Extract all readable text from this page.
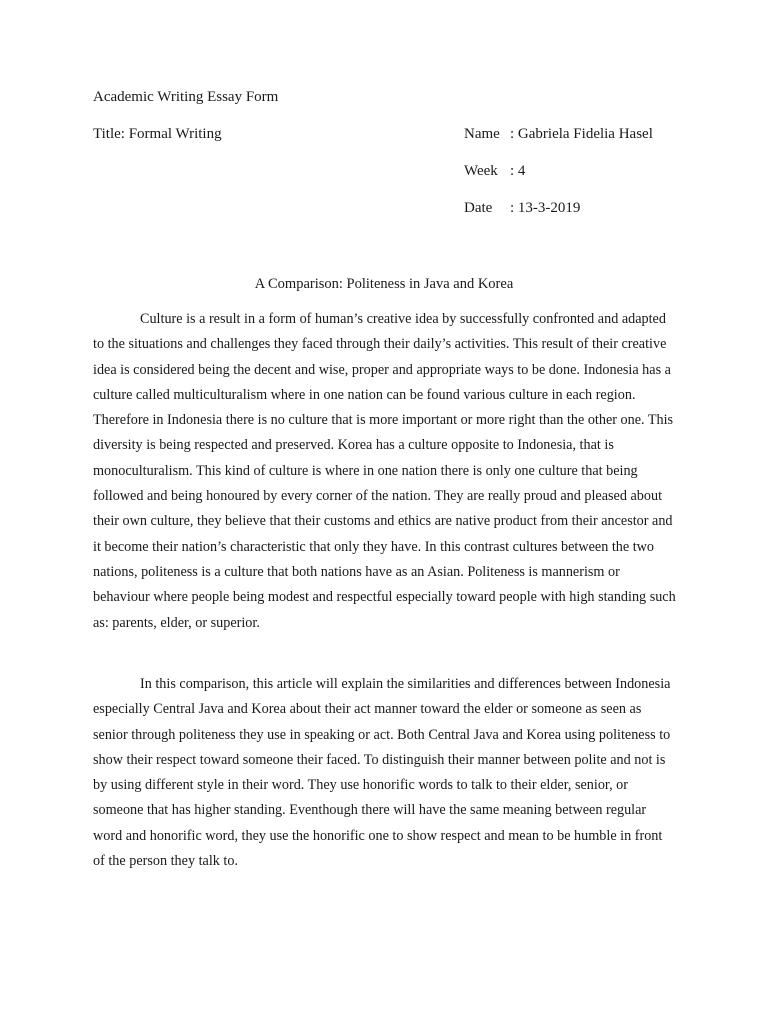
Academic Writing Essay Form
Title: Formal Writing	Name : Gabriela Fidelia Hasel
Week : 4
Date : 13-3-2019
A Comparison: Politeness in Java and Korea

Culture is a result in a form of human’s creative idea by successfully confronted and adapted to the situations and challenges they faced through their daily’s activities. This result of their creative idea is considered being the decent and wise, proper and appropriate ways to be done. Indonesia has a culture called multiculturalism where in one nation can be found various culture in each region. Therefore in Indonesia there is no culture that is more important or more right than the other one. This diversity is being respected and preserved. Korea has a culture opposite to Indonesia, that is monoculturalism. This kind of culture is where in one nation there is only one culture that being followed and being honoured by every corner of the nation. They are really proud and pleased about their own culture, they believe that their customs and ethics are native product from their ancestor and it become their nation’s characteristic that only they have. In this contrast cultures between the two nations, politeness is a culture that both nations have as an Asian. Politeness is mannerism or behaviour where people being modest and respectful especially toward people with high standing such as: parents, elder, or superior.

In this comparison, this article will explain the similarities and differences between Indonesia especially Central Java and Korea about their act manner toward the elder or someone as seen as senior through politeness they use in speaking or act. Both Central Java and Korea using politeness to show their respect toward someone their faced. To distinguish their manner between polite and not is by using different style in their word. They use honorific words to talk to their elder, senior, or someone that has higher standing. Eventhough there will have the same meaning between regular word and honorific word, they use the honorific one to show respect and mean to be humble in front of the person they talk to.
